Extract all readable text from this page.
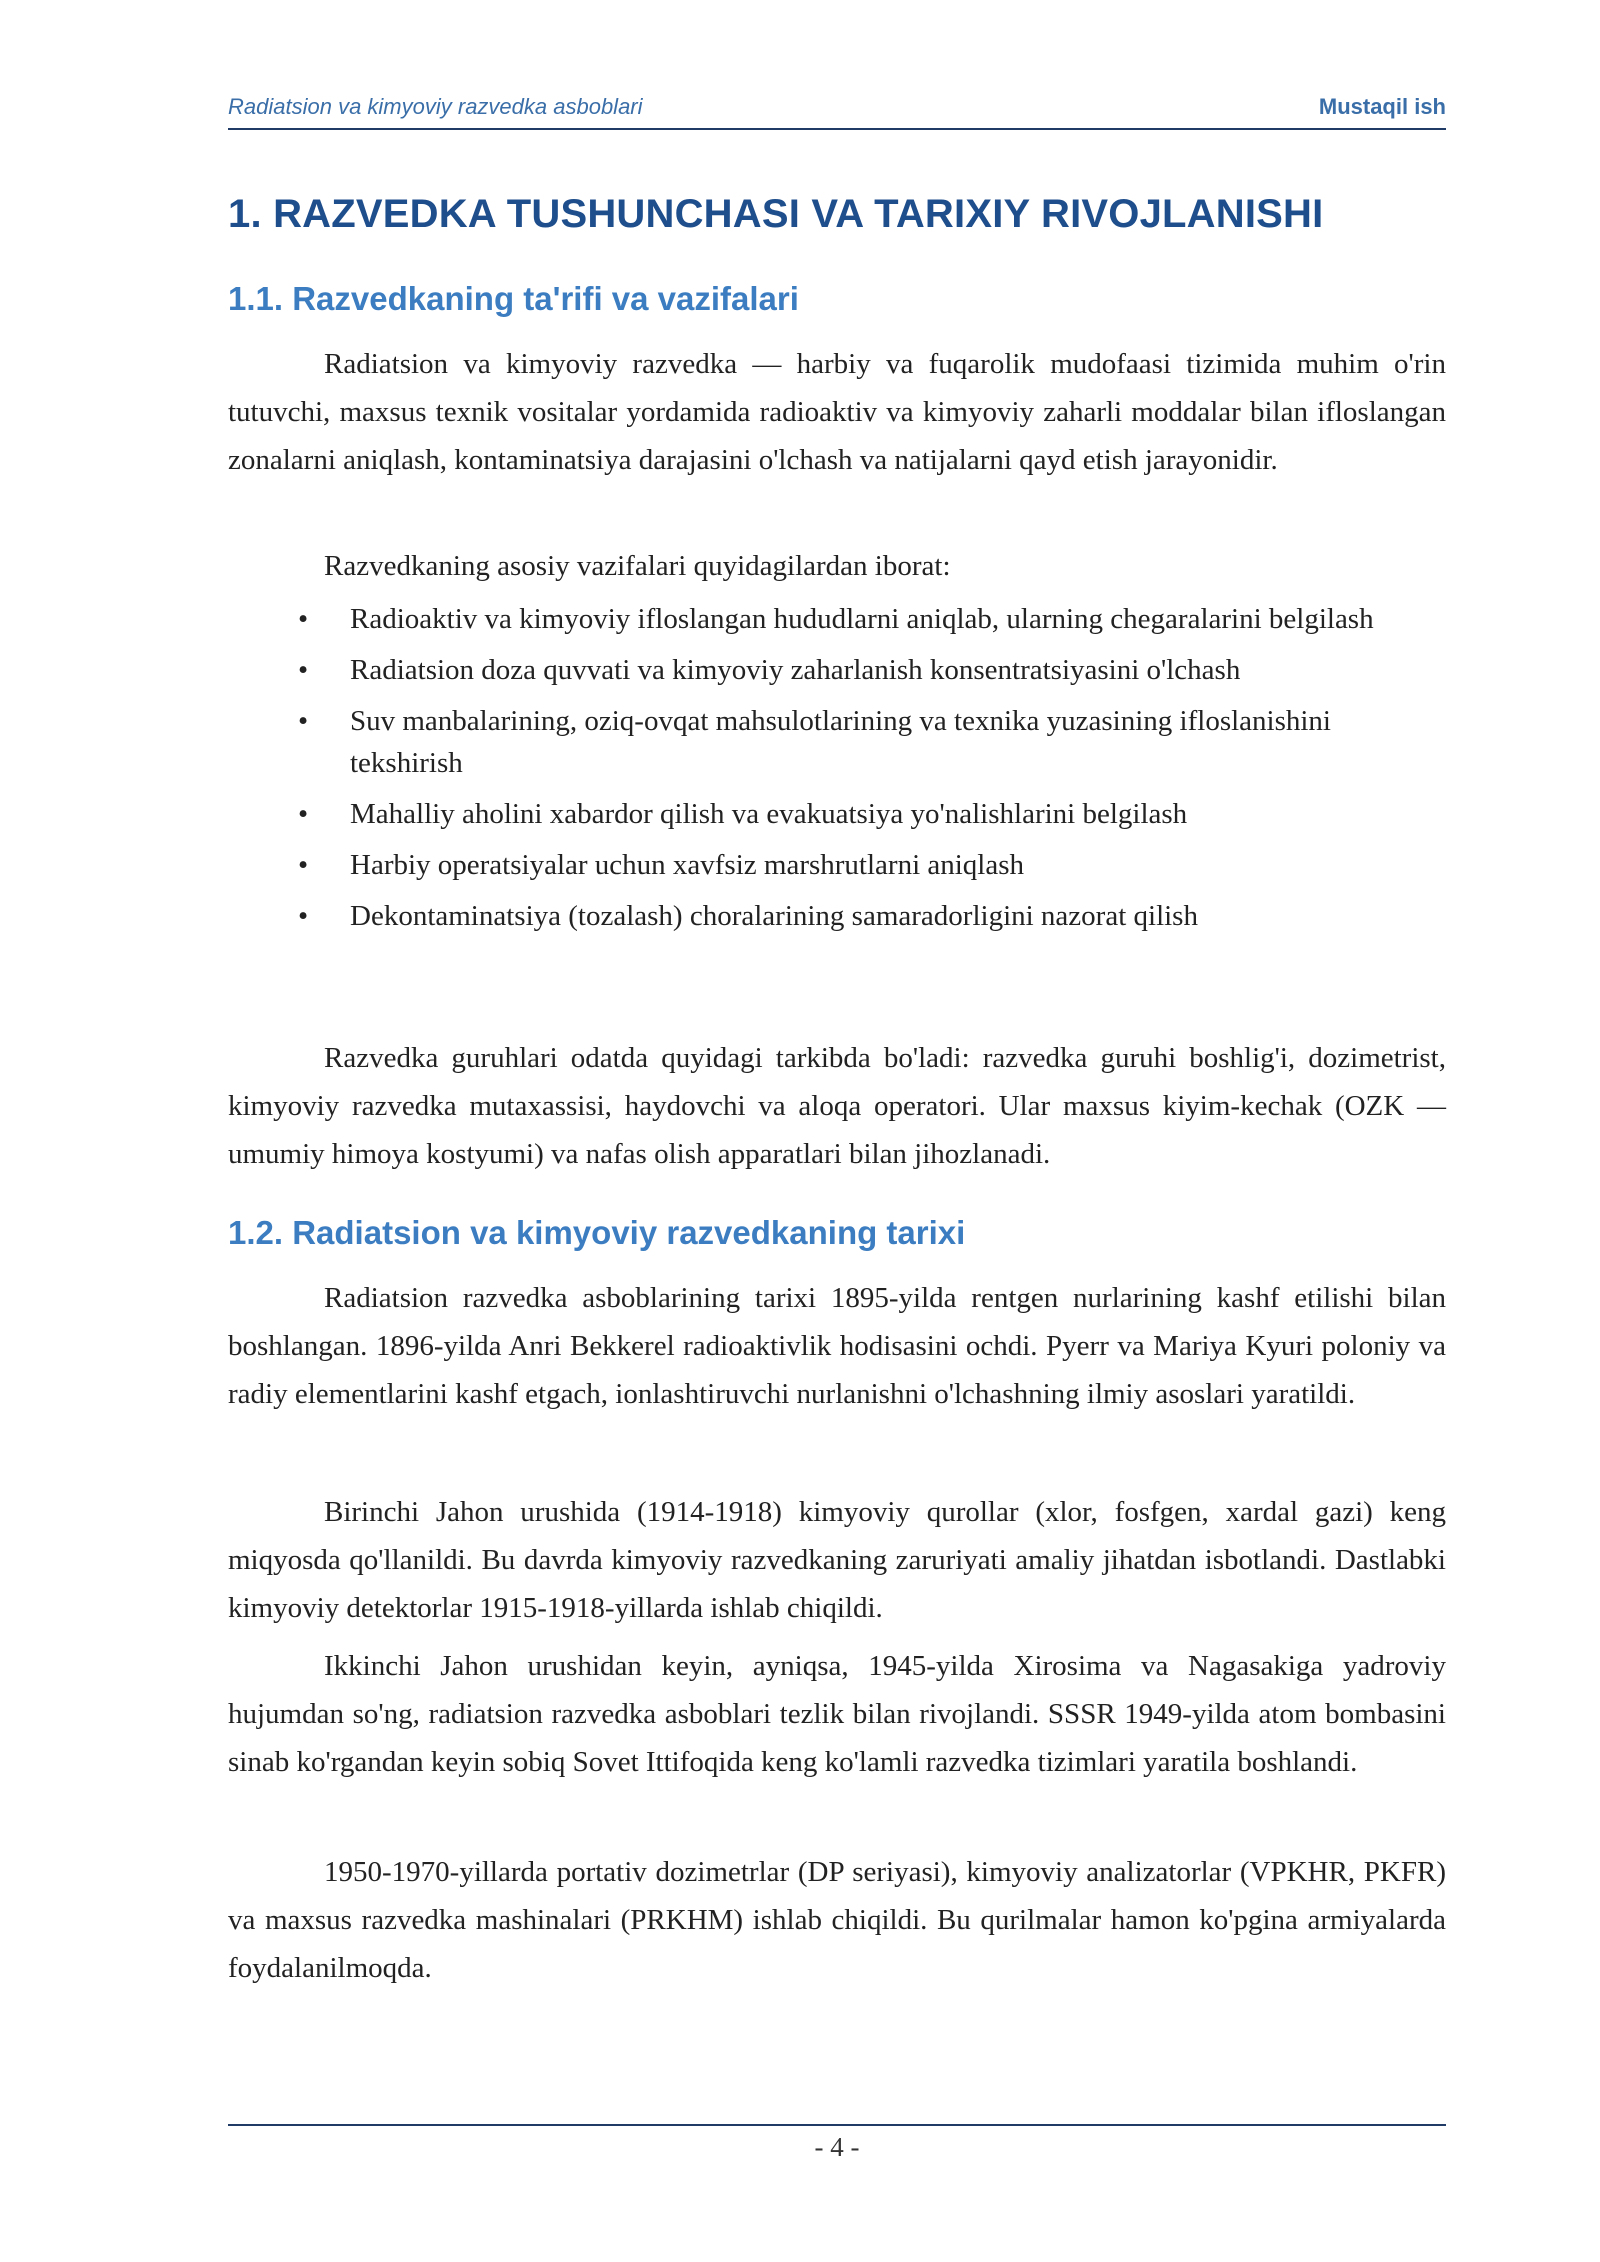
Radiatsion va kimyoviy razvedka asboblari	Mustaqil ish
1. RAZVEDKA TUSHUNCHASI VA TARIXIY RIVOJLANISHI
1.1. Razvedkaning ta'rifi va vazifalari

Radiatsion va kimyoviy razvedka — harbiy va fuqarolik mudofaasi tizimida muhim o'rin tutuvchi, maxsus texnik vositalar yordamida radioaktiv va kimyoviy zaharli moddalar bilan ifloslangan zonalarni aniqlash, kontaminatsiya darajasini o'lchash va natijalarni qayd etish jarayonidir.

Razvedkaning asosiy vazifalari quyidagilardan iborat:

• Radioaktiv va kimyoviy ifloslangan hududlarni aniqlab, ularning chegaralarini belgilash
• Radiatsion doza quvvati va kimyoviy zaharlanish konsentratsiyasini o'lchash
• Suv manbalarining, oziq-ovqat mahsulotlarining va texnika yuzasining ifloslanishini tekshirish
• Mahalliy aholini xabardor qilish va evakuatsiya yo'nalishlarini belgilash
• Harbiy operatsiyalar uchun xavfsiz marshrutlarni aniqlash
• Dekontaminatsiya (tozalash) choralarining samaradorligini nazorat qilish

Razvedka guruhlari odatda quyidagi tarkibda bo'ladi: razvedka guruhi boshlig'i, dozimetrist, kimyoviy razvedka mutaxassisi, haydovchi va aloqa operatori. Ular maxsus kiyim-kechak (OZK — umumiy himoya kostyumi) va nafas olish apparatlari bilan jihozlanadi.

1.2. Radiatsion va kimyoviy razvedkaning tarixi

Radiatsion razvedka asboblarining tarixi 1895-yilda rentgen nurlarining kashf etilishi bilan boshlangan. 1896-yilda Anri Bekkerel radioaktivlik hodisasini ochdi. Pyerr va Mariya Kyuri poloniy va radiy elementlarini kashf etgach, ionlashtiruvchi nurlanishni o'lchashning ilmiy asoslari yaratildi.

Birinchi Jahon urushida (1914-1918) kimyoviy qurollar (xlor, fosfgen, xardal gazi) keng miqyosda qo'llanildi. Bu davrda kimyoviy razvedkaning zaruriyati amaliy jihatdan isbotlandi. Dastlabki kimyoviy detektorlar 1915-1918-yillarda ishlab chiqildi.

Ikkinchi Jahon urushidan keyin, ayniqsa, 1945-yilda Xirosima va Nagasakiga yadroviy hujumdan so'ng, radiatsion razvedka asboblari tezlik bilan rivojlandi. SSSR 1949-yilda atom bombasini sinab ko'rgandan keyin sobiq Sovet Ittifoqida keng ko'lamli razvedka tizimlari yaratila boshlandi.

1950-1970-yillarda portativ dozimetrlar (DP seriyasi), kimyoviy analizatorlar (VPKHR, PKFR) va maxsus razvedka mashinalari (PRKHM) ishlab chiqildi. Bu qurilmalar hamon ko'pgina armiyalarda foydalanilmoqda.

- 4 -
